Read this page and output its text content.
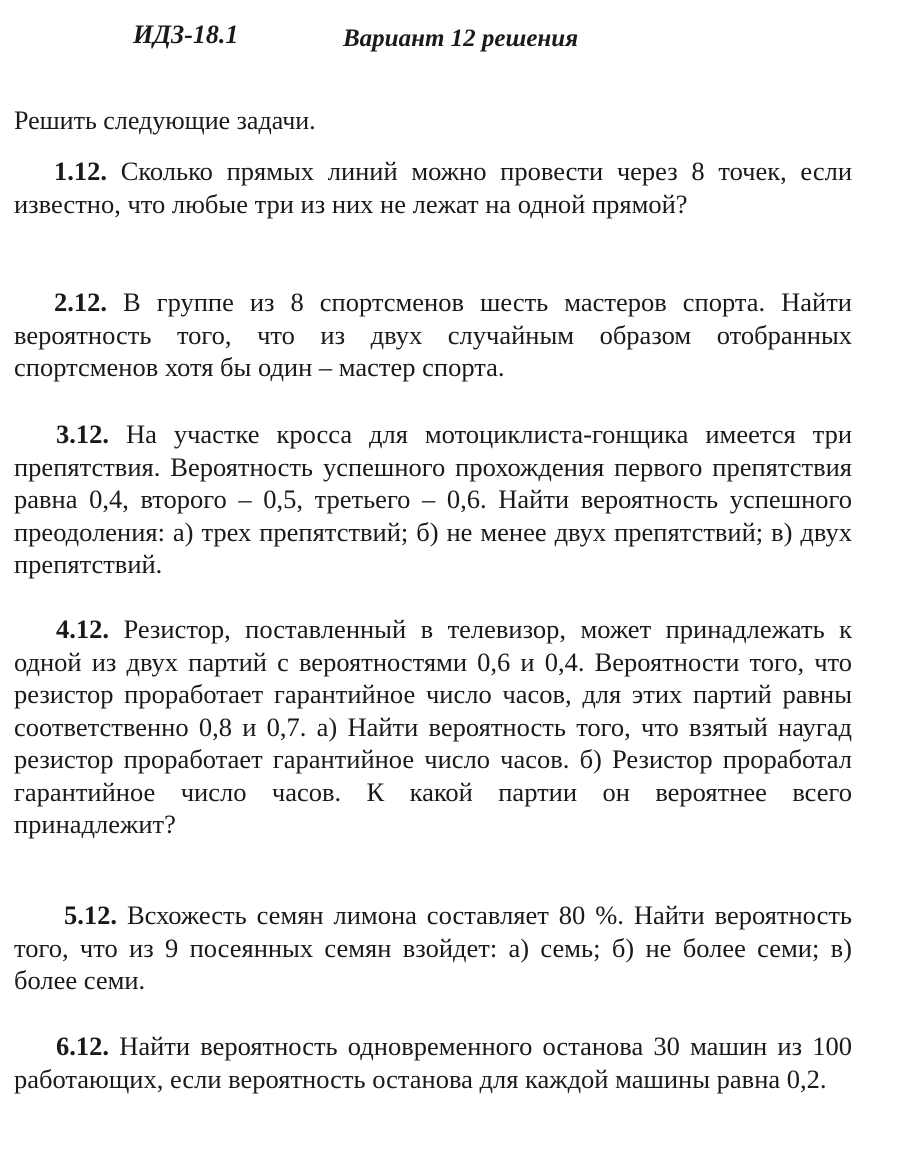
ИДЗ-18.1	Вариант 12 решения
Решить следующие задачи.
1.12. Сколько прямых линий можно провести через 8 точек, если известно, что любые три из них не лежат на одной прямой?
2.12. В группе из 8 спортсменов шесть мастеров спорта. Найти вероятность того, что из двух случайным образом отобранных спортсменов хотя бы один – мастер спорта.
3.12. На участке кросса для мотоциклиста-гонщика имеется три препятствия. Вероятность успешного прохождения первого препятствия равна 0,4, второго – 0,5, третьего – 0,6. Найти вероятность успешного преодоления: а) трех препятствий; б) не менее двух препятствий; в) двух препятствий.
4.12. Резистор, поставленный в телевизор, может принадлежать к одной из двух партий с вероятностями 0,6 и 0,4. Вероятности того, что резистор проработает гарантийное число часов, для этих партий равны соответственно 0,8 и 0,7. а) Найти вероятность того, что взятый наугад резистор проработает гарантийное число часов. б) Резистор проработал гарантийное число часов. К какой партии он вероятнее всего принадлежит?
5.12. Всхожесть семян лимона составляет 80 %. Найти вероятность того, что из 9 посеянных семян взойдет: а) семь; б) не более семи; в) более семи.
6.12. Найти вероятность одновременного останова 30 машин из 100 работающих, если вероятность останова для каждой машины равна 0,2.
